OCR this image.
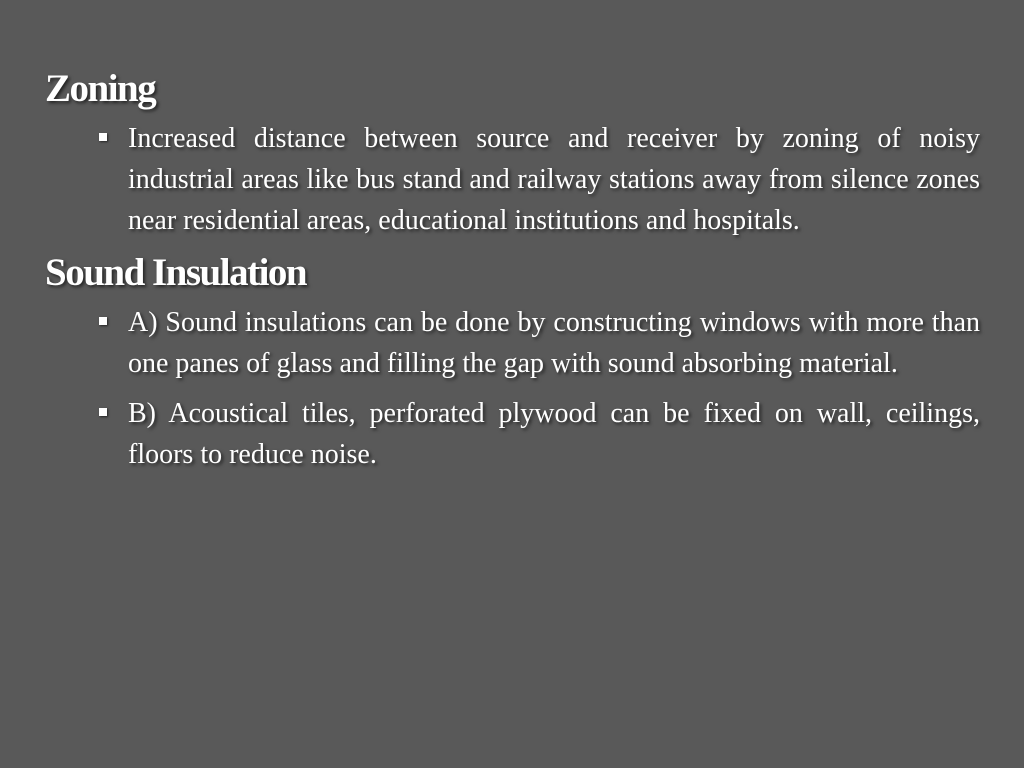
Zoning
Increased distance between source and receiver by zoning of noisy industrial areas like bus stand and railway stations away from silence zones near residential areas, educational institutions and hospitals.
Sound Insulation
A) Sound insulations can be done by constructing windows with more than one panes of glass and filling the gap with sound absorbing material.
B) Acoustical tiles, perforated plywood can be fixed on wall, ceilings, floors to reduce noise.
